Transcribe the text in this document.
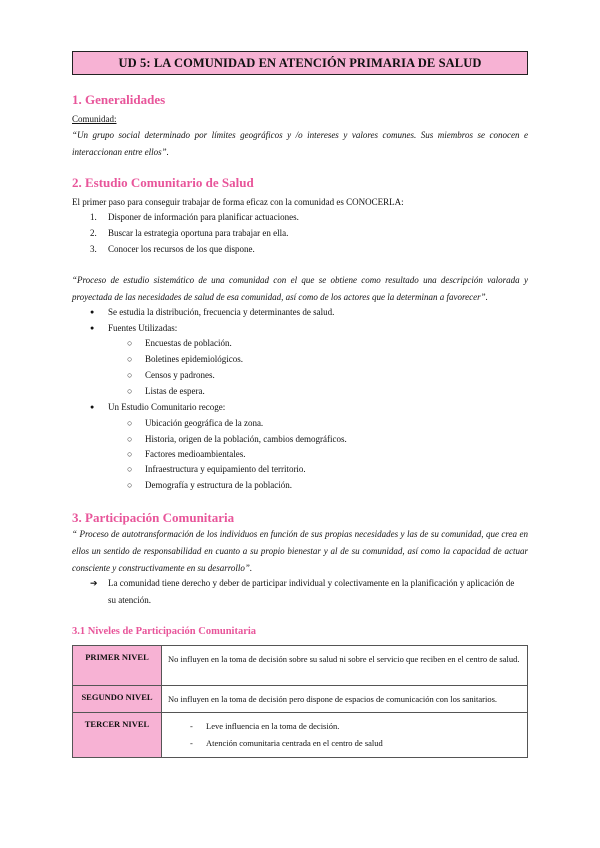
UD 5: LA COMUNIDAD EN ATENCIÓN PRIMARIA DE SALUD
1. Generalidades
Comunidad:
“Un grupo social determinado por límites geográficos y /o intereses y valores comunes. Sus miembros se conocen e interaccionan entre ellos”.
2. Estudio Comunitario de Salud
El primer paso para conseguir trabajar de forma eficaz con la comunidad es CONOCERLA:
1. Disponer de información para planificar actuaciones.
2. Buscar la estrategia oportuna para trabajar en ella.
3. Conocer los recursos de los que dispone.
“Proceso de estudio sistemático de una comunidad con el que se obtiene como resultado una descripción valorada y proyectada de las necesidades de salud de esa comunidad, así como de los actores que la determinan a favorecer”.
● Se estudia la distribución, frecuencia y determinantes de salud.
● Fuentes Utilizadas:
○ Encuestas de población.
○ Boletines epidemiológicos.
○ Censos y padrones.
○ Listas de espera.
● Un Estudio Comunitario recoge:
○ Ubicación geográfica de la zona.
○ Historia, origen de la población, cambios demográficos.
○ Factores medioambientales.
○ Infraestructura y equipamiento del territorio.
○ Demografía y estructura de la población.
3. Participación Comunitaria
“ Proceso de autotransformación de los individuos en función de sus propias necesidades y las de su comunidad, que crea en ellos un sentido de responsabilidad en cuanto a su propio bienestar y al de su comunidad, así como la capacidad de actuar consciente y constructivamente en su desarrollo”.
➔ La comunidad tiene derecho y deber de participar individual y colectivamente en la planificación y aplicación de su atención.
3.1 Niveles de Participación Comunitaria
PRIMER NIVEL	No influyen en la toma de decisión sobre su salud ni sobre el servicio que reciben en el centro de salud.
SEGUNDO NIVEL	No influyen en la toma de decisión pero dispone de espacios de comunicación con los sanitarios.
TERCER NIVEL	- Leve influencia en la toma de decisión.
- Atención comunitaria centrada en el centro de salud
